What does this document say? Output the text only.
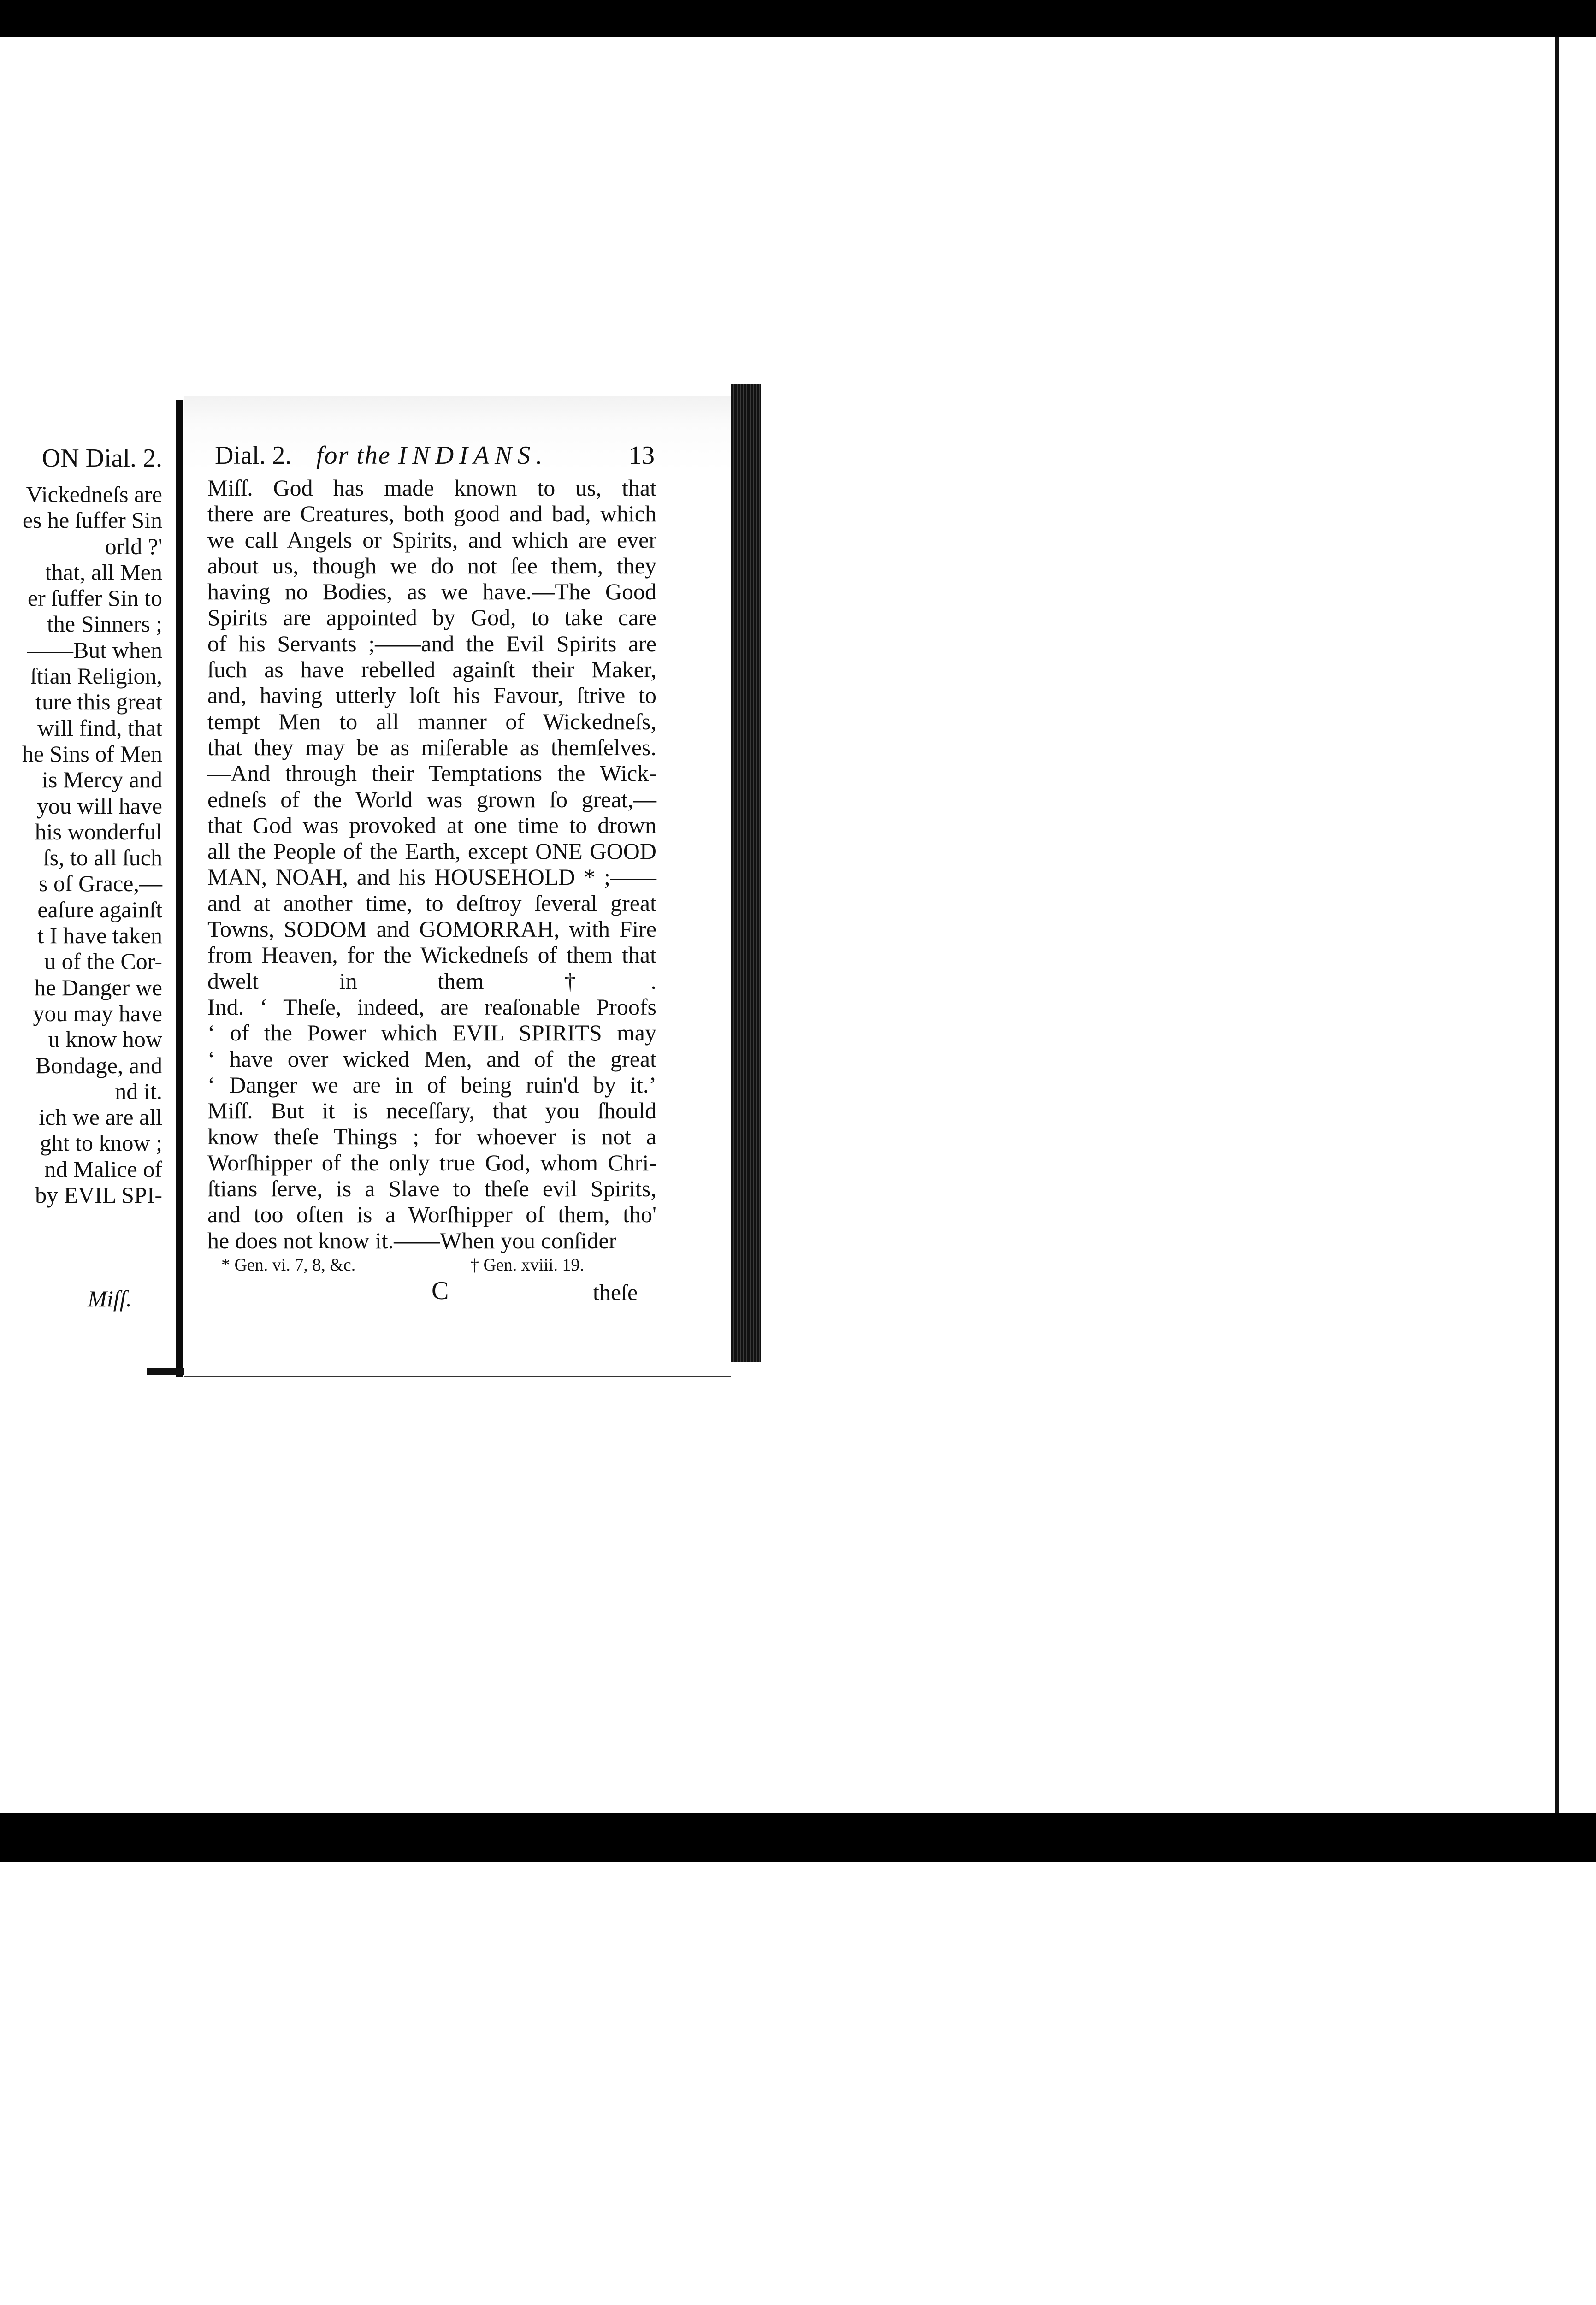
ON Dial. 2.
Vickedneſs are
es he ſuffer Sin
orld ?'
that, all Men
er ſuffer Sin to
the Sinners ;
——But when
ſtian Religion,
ture this great
will find, that
he Sins of Men
is Mercy and
you will have
his wonderful
ſs, to all ſuch
s of Grace,—
eaſure againſt
t I have taken
u of the Cor-
he Danger we
you may have
u know how
Bondage, and
nd it.
ich we are all
ght to know ;
nd Malice of
by EVIL SPI-
Miſſ.
Dial. 2. for the INDIANS.	13
Miſſ. God has made known to us, that
there are Creatures, both good and bad, which
we call Angels or Spirits, and which are ever
about us, though we do not ſee them, they
having no Bodies, as we have.—The Good
Spirits are appointed by God, to take care
of his Servants ;——and the Evil Spirits are
ſuch as have rebelled againſt their Maker,
and, having utterly loſt his Favour, ſtrive to
tempt Men to all manner of Wickedneſs,
that they may be as miſerable as themſelves.
—And through their Temptations the Wick-
edneſs of the World was grown ſo great,—
that God was provoked at one time to drown
all the People of the Earth, except ONE GOOD
MAN, NOAH, and his HOUSEHOLD * ;——
and at another time, to deſtroy ſeveral great
Towns, SODOM and GOMORRAH, with Fire
from Heaven, for the Wickedneſs of them that
dwelt in them †.
Ind. ‘ Theſe, indeed, are reaſonable Proofs
‘ of the Power which EVIL SPIRITS may
‘ have over wicked Men, and of the great
‘ Danger we are in of being ruin'd by it.’
Miſſ. But it is neceſſary, that you ſhould
know theſe Things ; for whoever is not a
Worſhipper of the only true God, whom Chri-
ſtians ſerve, is a Slave to theſe evil Spirits,
and too often is a Worſhipper of them, tho'
he does not know it.——When you conſider
* Gen. vi. 7, 8, &c.	† Gen. xviii. 19.
C	theſe
